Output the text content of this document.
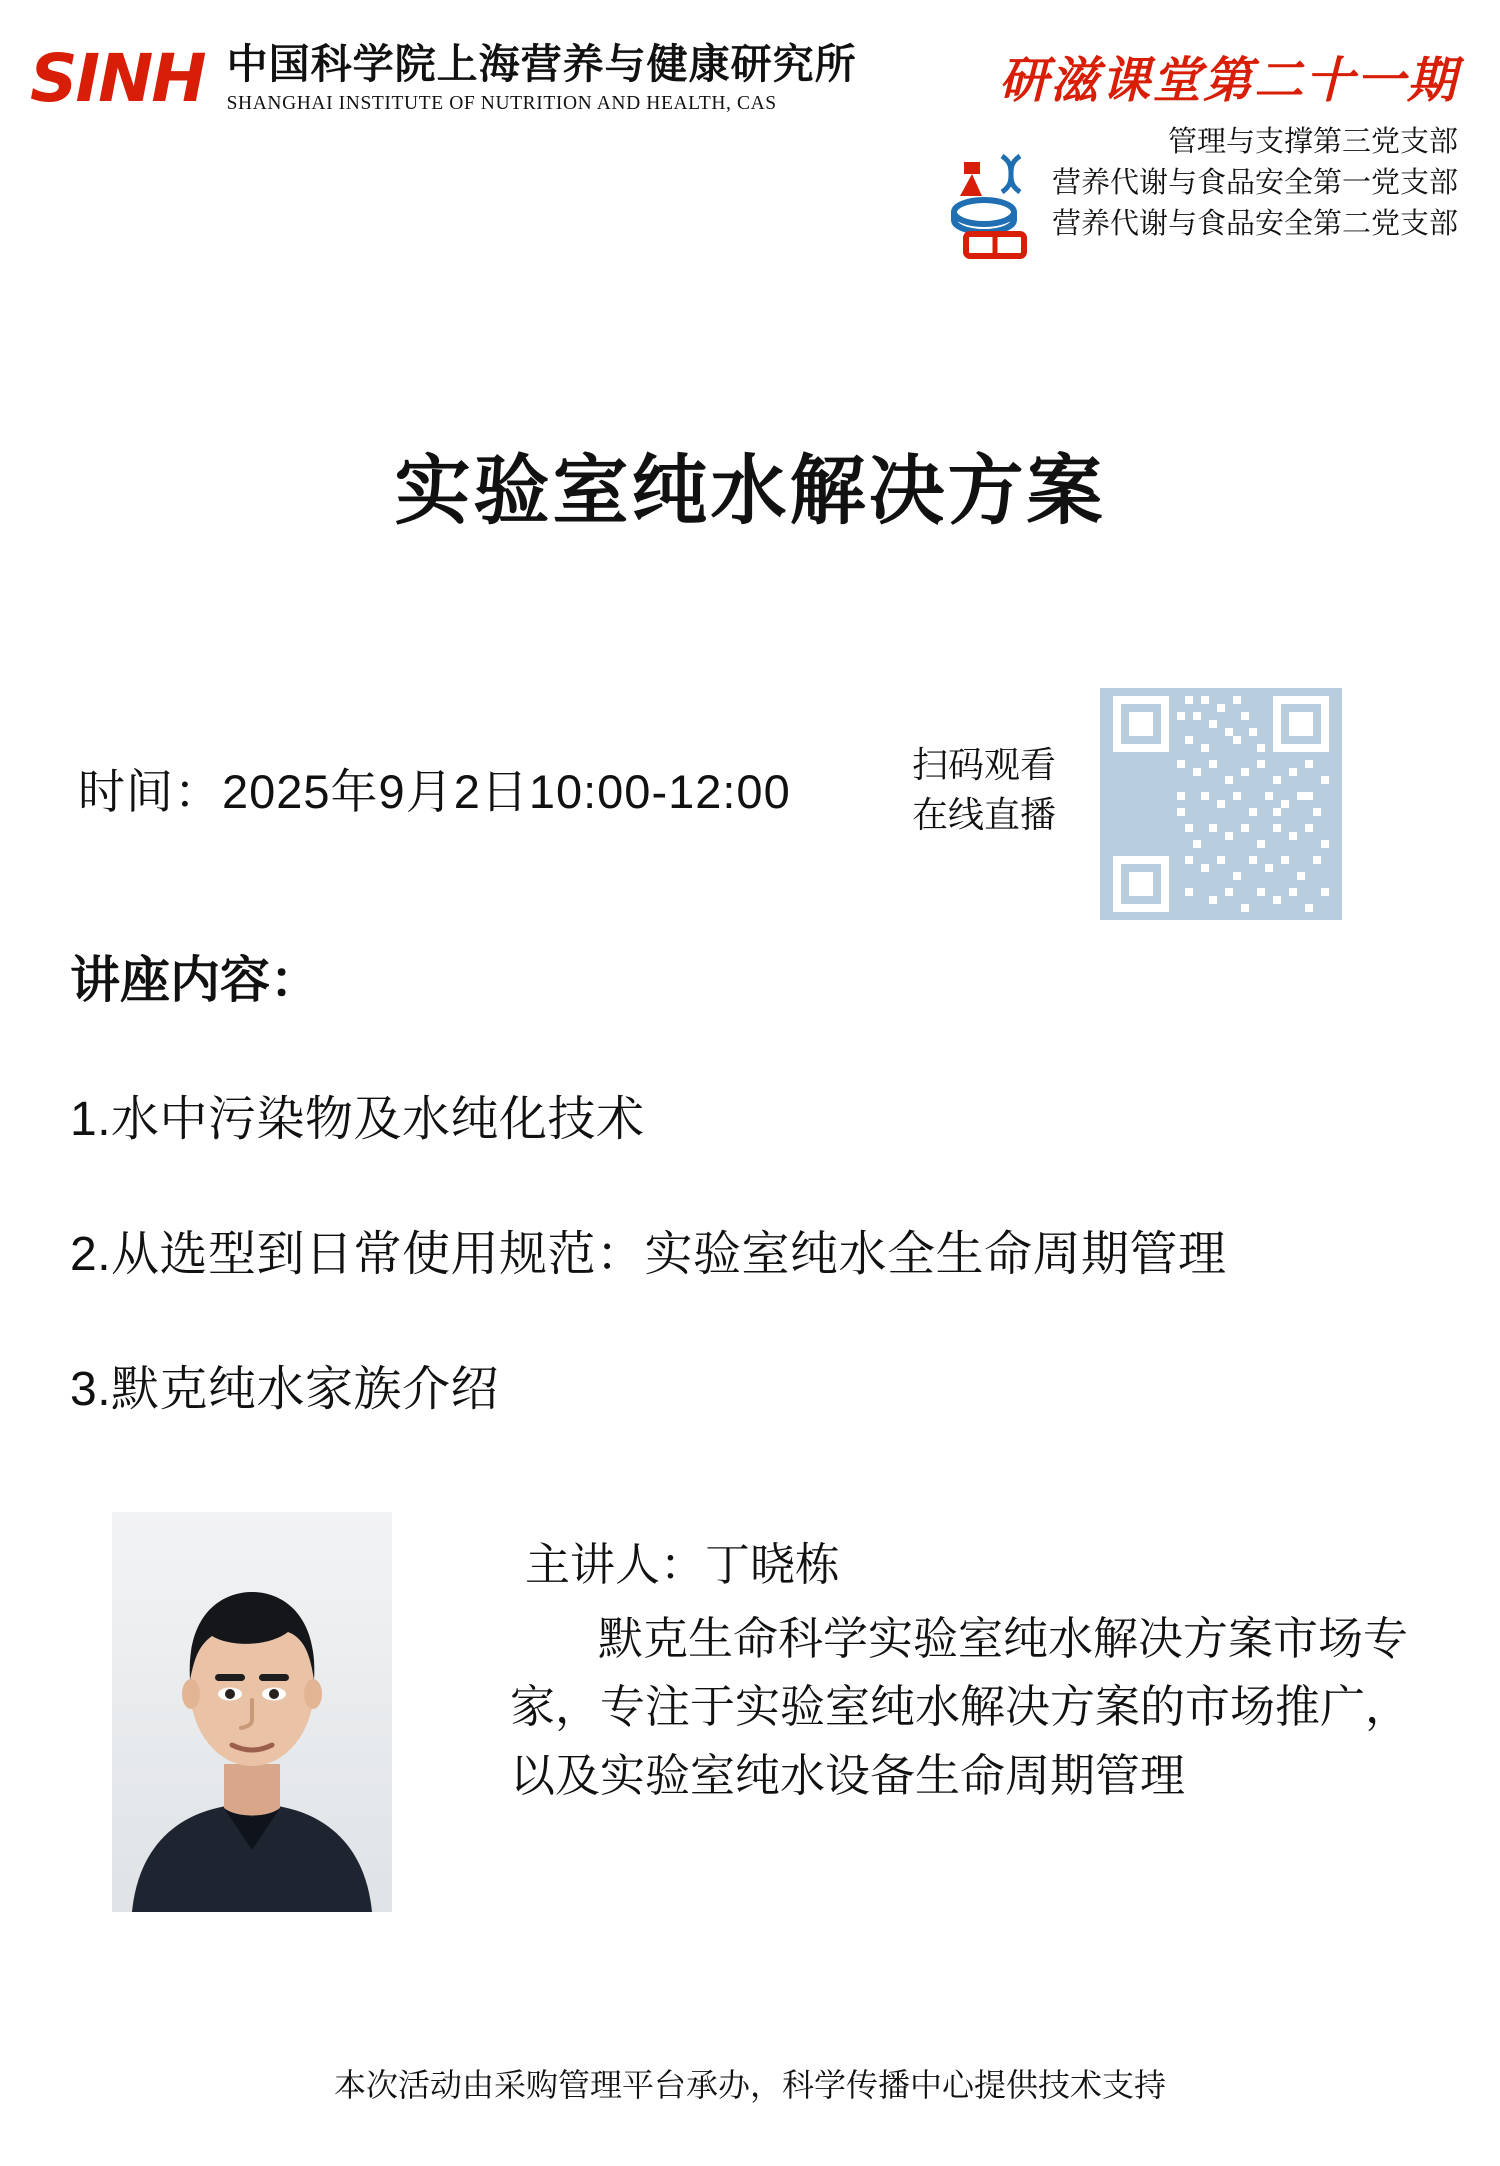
SINH 中国科学院上海营养与健康研究所
SHANGHAI INSTITUTE OF NUTRITION AND HEALTH, CAS	研滋课堂第二十一期
管理与支撑第三党支部
营养代谢与食品安全第一党支部
营养代谢与食品安全第二党支部
实验室纯水解决方案
时间：2025年9月2日10:00-12:00
扫码观看
在线直播
讲座内容：
1.水中污染物及水纯化技术
2.从选型到日常使用规范：实验室纯水全生命周期管理
3.默克纯水家族介绍
主讲人：丁晓栋
默克生命科学实验室纯水解决方案市场专家，专注于实验室纯水解决方案的市场推广，以及实验室纯水设备生命周期管理
本次活动由采购管理平台承办，科学传播中心提供技术支持
